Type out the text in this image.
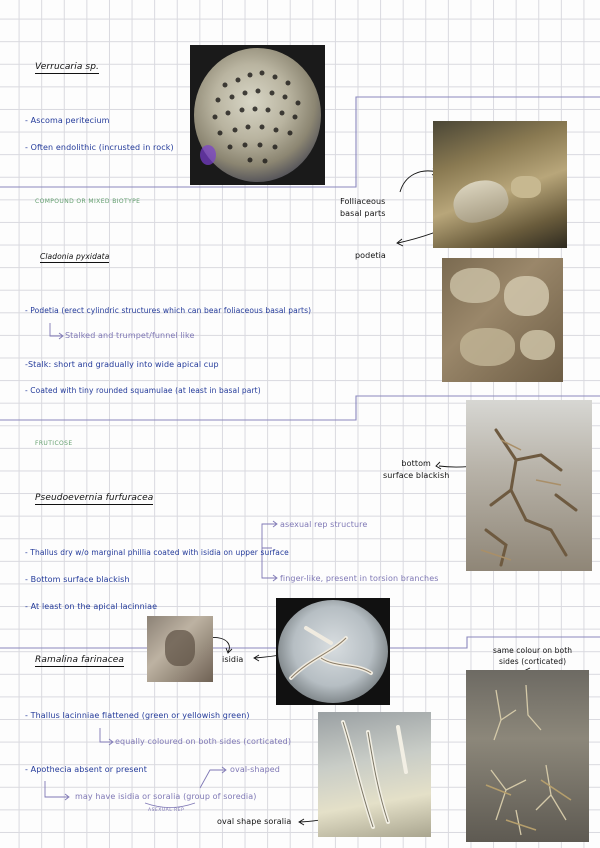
Verrucaria sp.
- Ascoma peritecium
- Often endolithic (incrusted in rock)
COMPOUND OR MIXED BIOTYPE	Folliaceous
basal parts
podetia
Cladonia pyxidata
- Podetia (erect cylindric structures which can bear foliaceous basal parts)
Stalked and trumpet/funnel like
-Stalk: short and gradually into wide apical cup
- Coated with tiny rounded squamulae (at least in basal part)
FRUTICOSE
bottom
surface blackish
Pseudoevernia furfuracea
asexual rep structure
- Thallus dry w/o marginal phillia coated with isidia on upper surface
- Bottom surface blackish	finger-like, present in torsion branches
- At least on the apical lacinniae
Ramalina farinacea	isidia
same colour on both
sides (corticated)
- Thallus lacinniae flattened (green or yellowish green)
equally coloured on both sides (corticated)
- Apothecia absent or present	oval-shaped
may have isidia or soralia (group of soredia)
ASEXUAL REP
oval shape soralia
